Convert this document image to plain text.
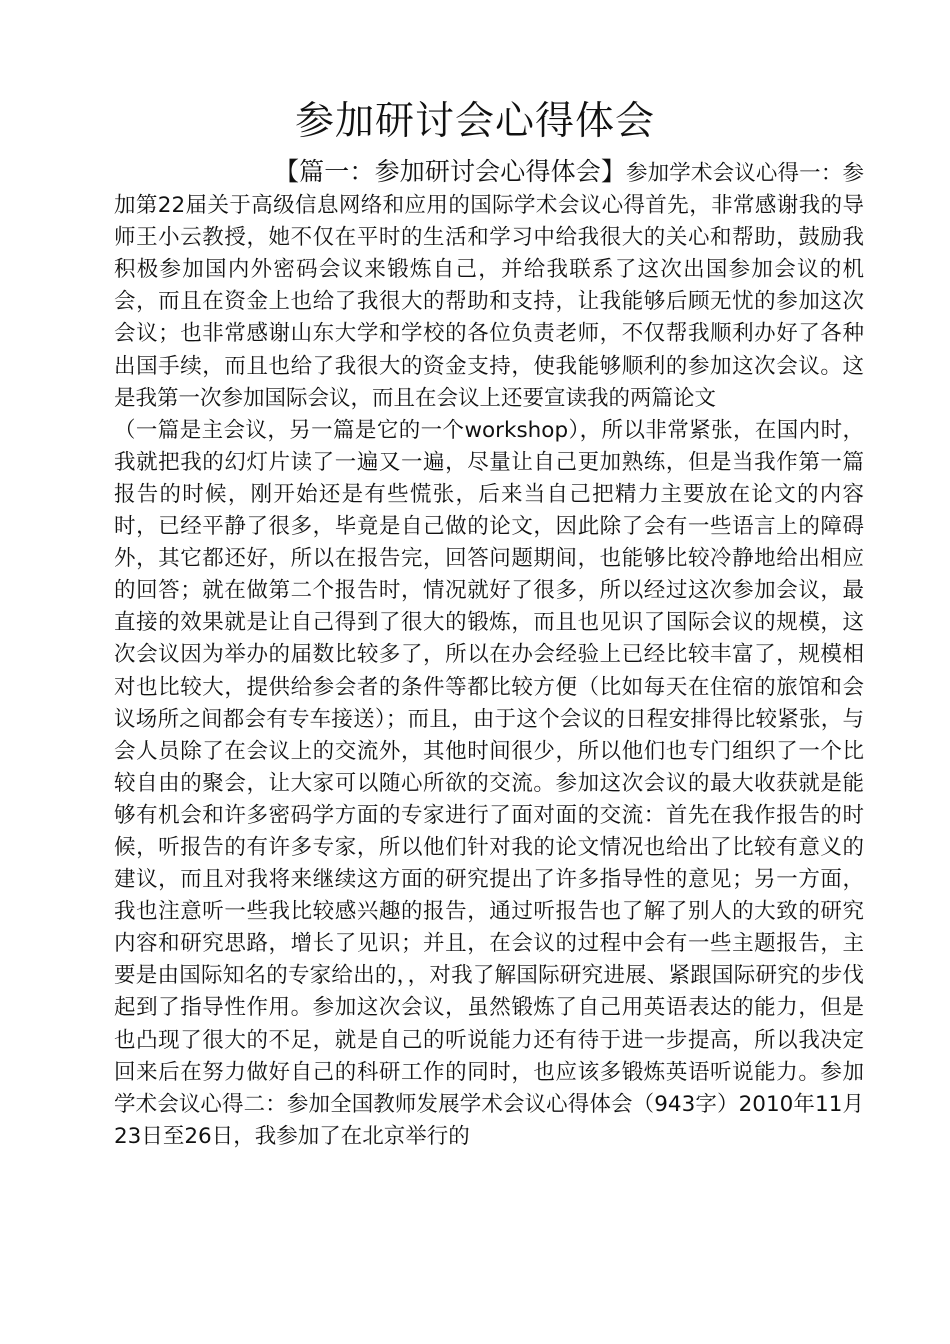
参加研讨会心得体会
【篇一：参加研讨会心得体会】参加学术会议心得一：参加第22届关于高级信息网络和应用的国际学术会议心得首先，非常感谢我的导师王小云教授，她不仅在平时的生活和学习中给我很大的关心和帮助，鼓励我积极参加国内外密码会议来锻炼自己，并给我联系了这次出国参加会议的机会，而且在资金上也给了我很大的帮助和支持，让我能够后顾无忧的参加这次会议；也非常感谢山东大学和学校的各位负责老师，不仅帮我顺利办好了各种出国手续，而且也给了我很大的资金支持，使我能够顺利的参加这次会议。这是我第一次参加国际会议，而且在会议上还要宣读我的两篇论文
（一篇是主会议，另一篇是它的一个workshop），所以非常紧张，在国内时，我就把我的幻灯片读了一遍又一遍，尽量让自己更加熟练，但是当我作第一篇报告的时候，刚开始还是有些慌张，后来当自己把精力主要放在论文的内容时，已经平静了很多，毕竟是自己做的论文，因此除了会有一些语言上的障碍外，其它都还好，所以在报告完，回答问题期间，也能够比较冷静地给出相应的回答；就在做第二个报告时，情况就好了很多，所以经过这次参加会议，最直接的效果就是让自己得到了很大的锻炼，而且也见识了国际会议的规模，这次会议因为举办的届数比较多了，所以在办会经验上已经比较丰富了，规模相对也比较大，提供给参会者的条件等都比较方便（比如每天在住宿的旅馆和会议场所之间都会有专车接送）；而且，由于这个会议的日程安排得比较紧张，与会人员除了在会议上的交流外，其他时间很少，所以他们也专门组织了一个比较自由的聚会，让大家可以随心所欲的交流。参加这次会议的最大收获就是能够有机会和许多密码学方面的专家进行了面对面的交流：首先在我作报告的时候，听报告的有许多专家，所以他们针对我的论文情况也给出了比较有意义的建议，而且对我将来继续这方面的研究提出了许多指导性的意见；另一方面，我也注意听一些我比较感兴趣的报告，通过听报告也了解了别人的大致的研究内容和研究思路，增长了见识；并且，在会议的过程中会有一些主题报告，主要是由国际知名的专家给出的，，对我了解国际研究进展、紧跟国际研究的步伐起到了指导性作用。参加这次会议，虽然锻炼了自己用英语表达的能力，但是也凸现了很大的不足，就是自己的听说能力还有待于进一步提高，所以我决定回来后在努力做好自己的科研工作的同时，也应该多锻炼英语听说能力。参加学术会议心得二：参加全国教师发展学术会议心得体会（943字）2010年11月23日至26日，我参加了在北京举行的
